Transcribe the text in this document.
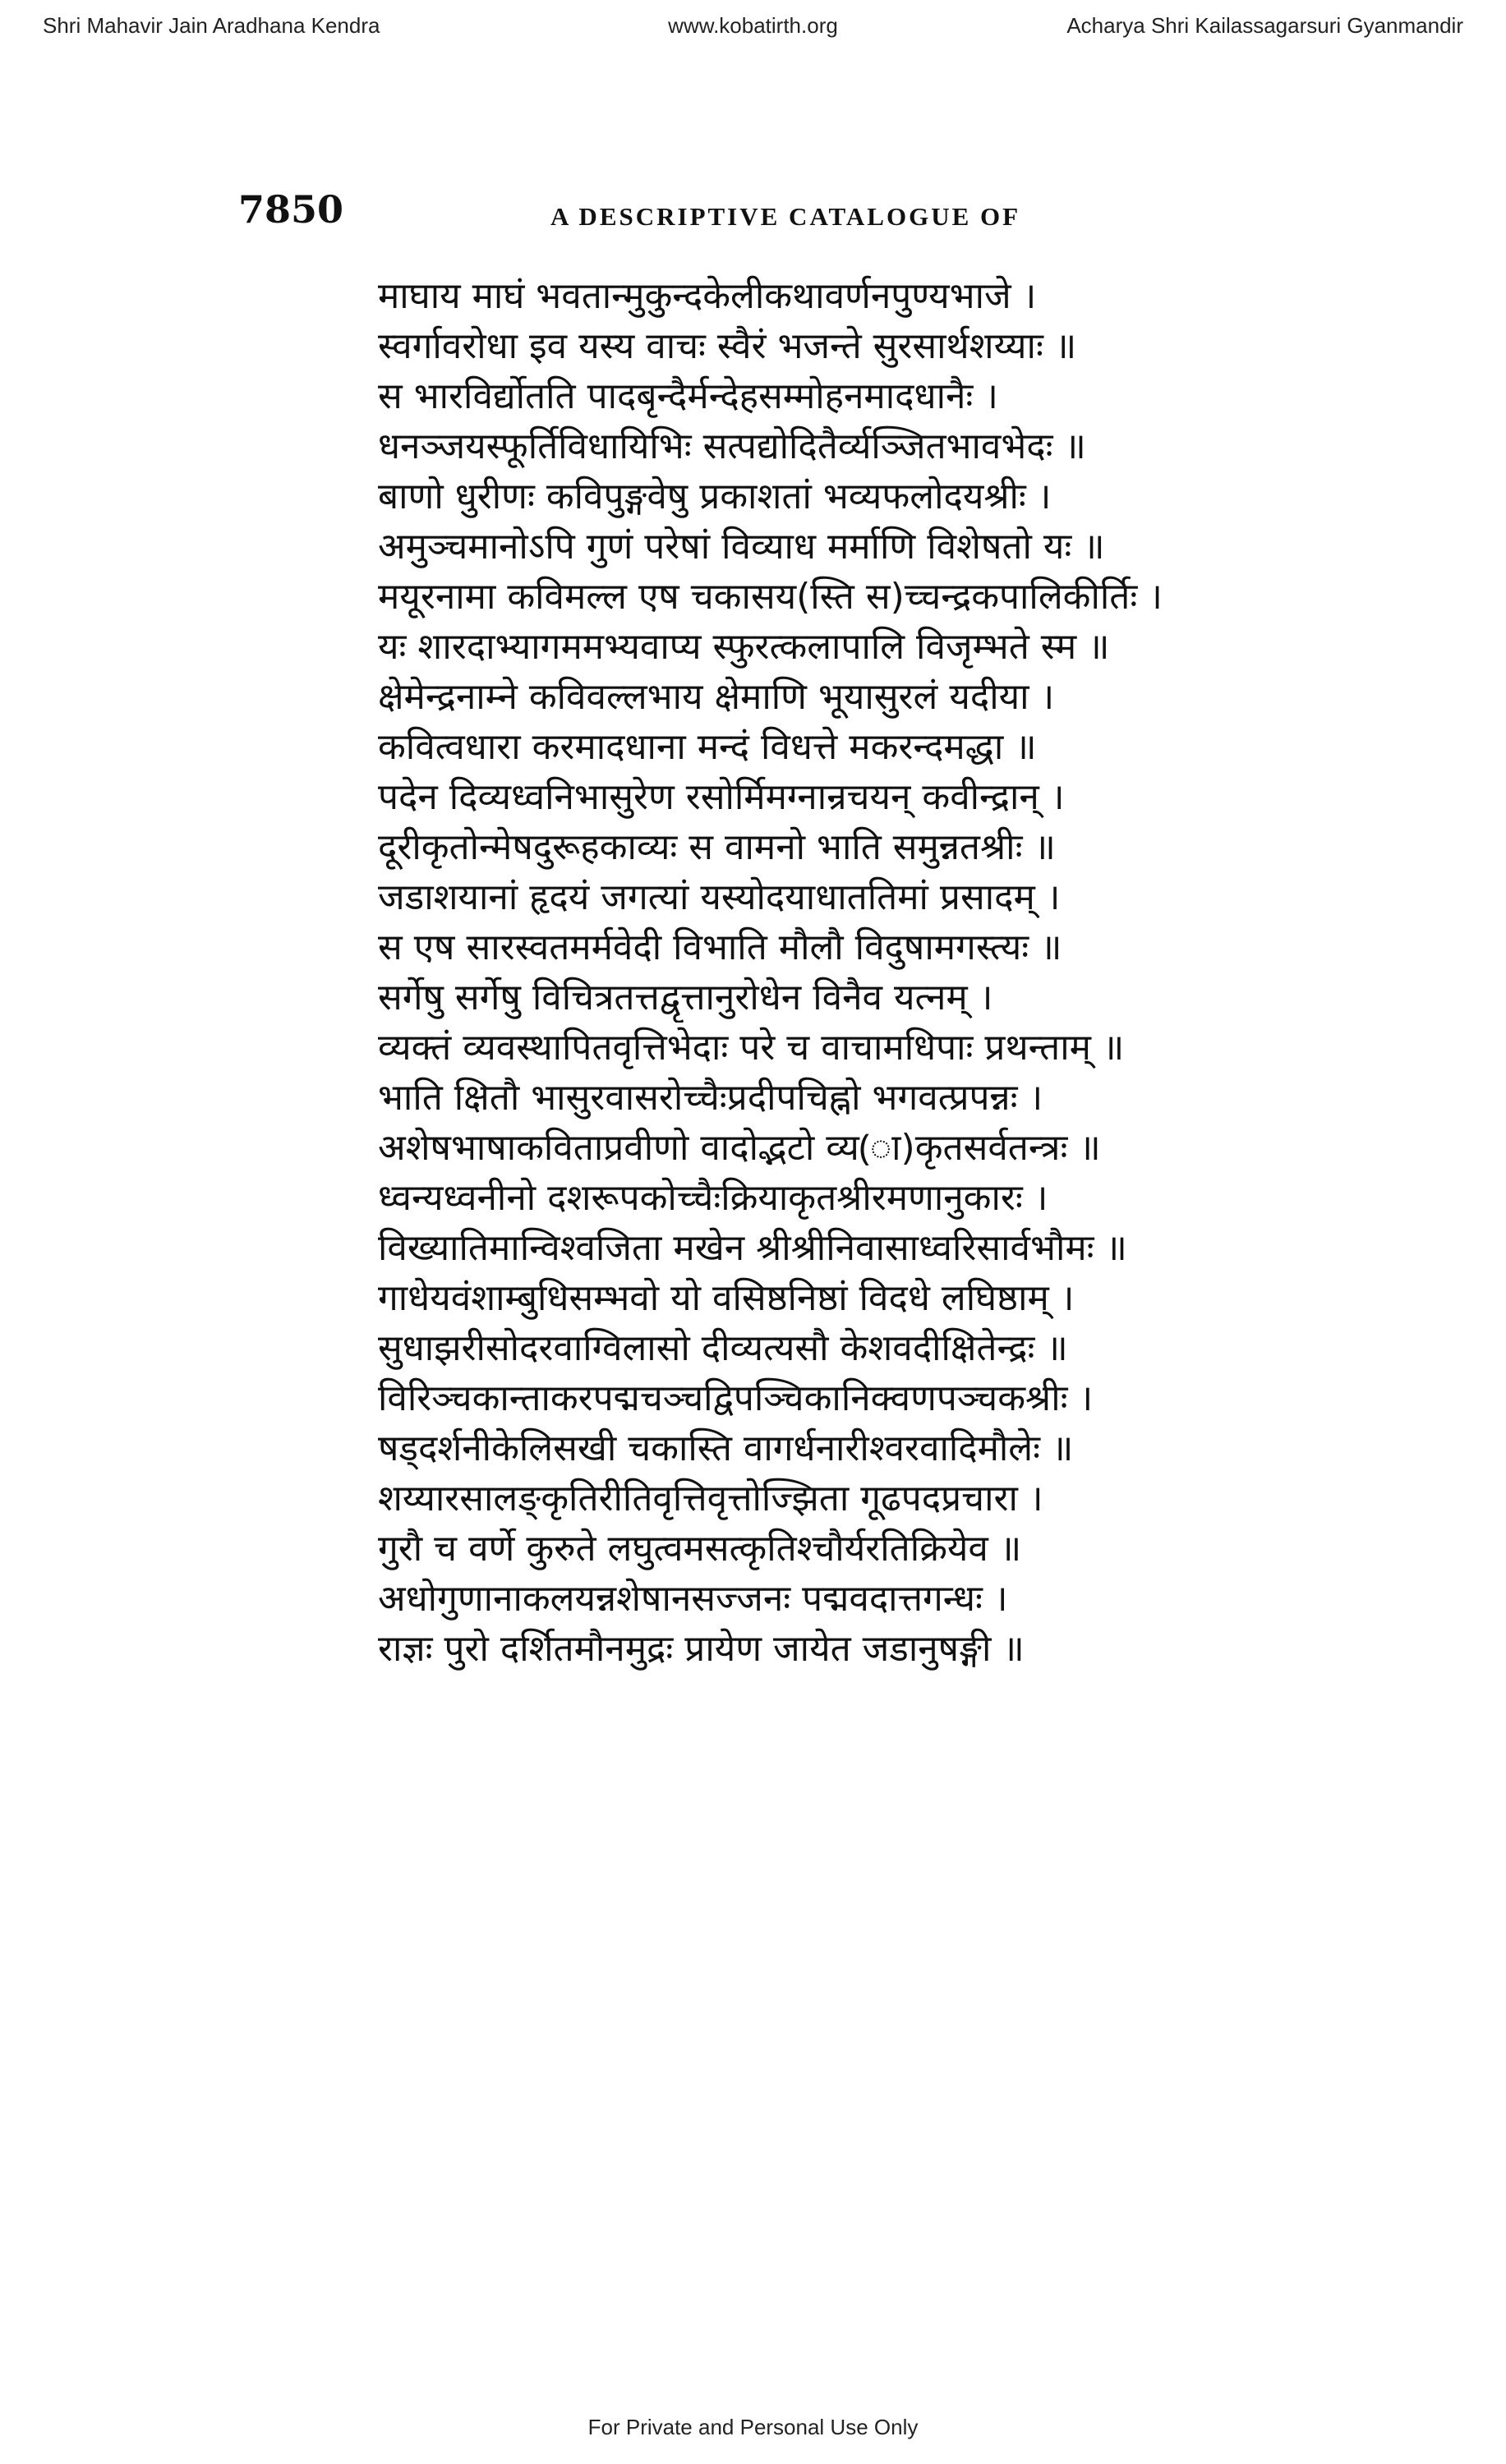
Shri Mahavir Jain Aradhana Kendra	www.kobatirth.org	Acharya Shri Kailassagarsuri Gyanmandir
7850	A DESCRIPTIVE CATALOGUE OF
माघाय माघं भवतान्मुकुन्दकेलीकथावर्णनपुण्यभाजे ।
स्वर्गावरोधा इव यस्य वाचः स्वैरं भजन्ते सुरसार्थशय्याः ॥
स भारविर्द्योतति पादबृन्दैर्मन्देहसम्मोहनमादधानैः ।
धनञ्जयस्फूर्तिविधायिभिः सत्पद्योदितैर्व्यञ्जितभावभेदः ॥
बाणो धुरीणः कविपुङ्गवेषु प्रकाशतां भव्यफलोदयश्रीः ।
अमुञ्चमानोऽपि गुणं परेषां विव्याध मर्माणि विशेषतो यः ॥
मयूरनामा कविमल्ल एष चकासय(स्ति स)च्चन्द्रकपालिकीर्तिः ।
यः शारदाभ्यागममभ्यवाप्य स्फुरत्कलापालि विजृम्भते स्म ॥
क्षेमेन्द्रनाम्ने कविवल्लभाय क्षेमाणि भूयासुरलं यदीया ।
कवित्वधारा करमादधाना मन्दं विधत्ते मकरन्दमद्धा ॥
पदेन दिव्यध्वनिभासुरेण रसोर्मिमग्नान्रचयन् कवीन्द्रान् ।
दूरीकृतोन्मेषदुरूहकाव्यः स वामनो भाति समुन्नतश्रीः ॥
जडाशयानां हृदयं जगत्यां यस्योदयाधाततिमां प्रसादम् ।
स एष सारस्वतमर्मवेदी विभाति मौलौ विदुषामगस्त्यः ॥
सर्गेषु सर्गेषु विचित्रतत्तद्वृत्तानुरोधेन विनैव यत्नम् ।
व्यक्तं व्यवस्थापितवृत्तिभेदाः परे च वाचामधिपाः प्रथन्ताम् ॥
भाति क्षितौ भासुरवासरोच्चैःप्रदीपचिह्नो भगवत्प्रपन्नः ।
अशेषभाषाकविताप्रवीणो वादोद्भटो व्य(ा)कृतसर्वतन्त्रः ॥
ध्वन्यध्वनीनो दशरूपकोच्चैःक्रियाकृतश्रीरमणानुकारः ।
विख्यातिमान्विश्वजिता मखेन श्रीश्रीनिवासाध्वरिसार्वभौमः ॥
गाधेयवंशाम्बुधिसम्भवो यो वसिष्ठनिष्ठां विदधे लघिष्ठाम् ।
सुधाझरीसोदरवाग्विलासो दीव्यत्यसौ केशवदीक्षितेन्द्रः ॥
विरिञ्चकान्ताकरपद्मचञ्चद्विपञ्चिकानिक्वणपञ्चकश्रीः ।
षड्दर्शनीकेलिसखी चकास्ति वागर्धनारीश्वरवादिमौलेः ॥
शय्यारसालङ्कृतिरीतिवृत्तिवृत्तोज्झिता गूढपदप्रचारा ।
गुरौ च वर्णे कुरुते लघुत्वमसत्कृतिश्चौर्यरतिक्रियेव ॥
अधोगुणानाकलयन्नशेषानसज्जनः पद्मवदात्तगन्धः ।
राज्ञः पुरो दर्शितमौनमुद्रः प्रायेण जायेत जडानुषङ्गी ॥
For Private and Personal Use Only
